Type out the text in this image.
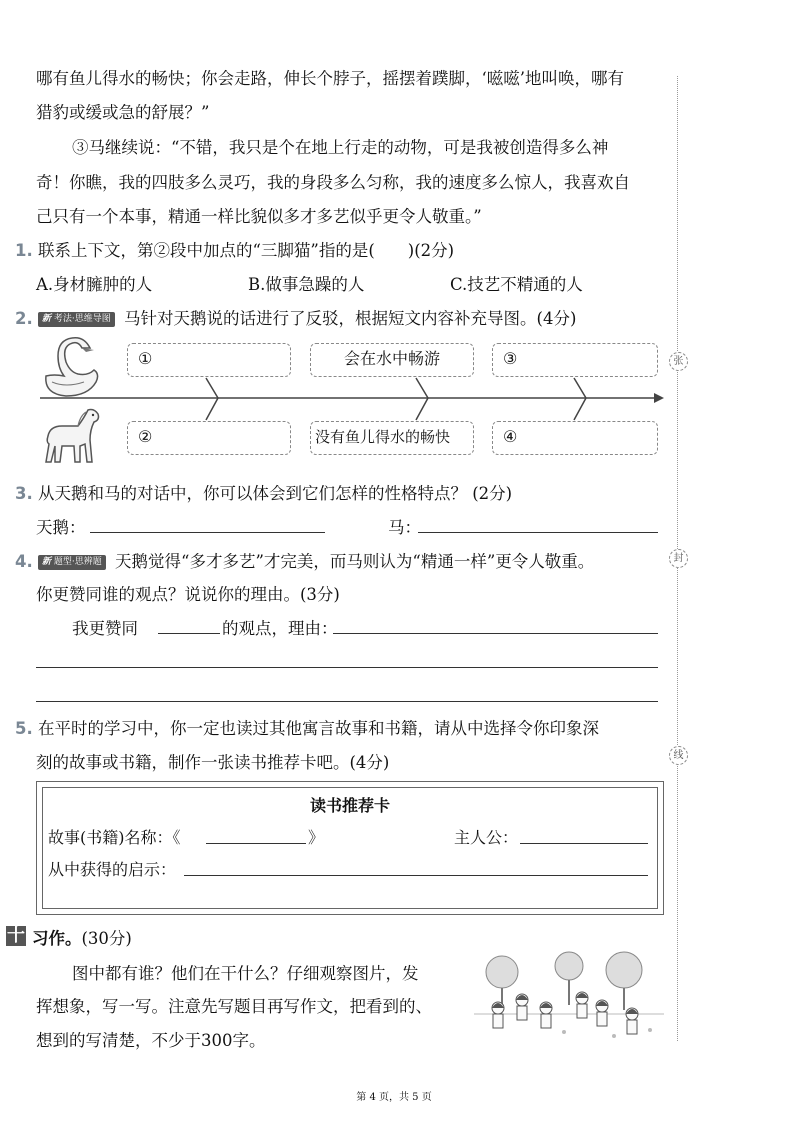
张
封
线
哪有鱼儿得水的畅快；你会走路，伸长个脖子，摇摆着蹼脚，‘嗞嗞’地叫唤，哪有
猎豹或缓或急的舒展？”
③马继续说：“不错，我只是个在地上行走的动物，可是我被创造得多么神
奇！你瞧，我的四肢多么灵巧，我的身段多么匀称，我的速度多么惊人，我喜欢自
己只有一个本事，精通一样比貌似多才多艺似乎更令人敬重。”
1. 联系上下文，第②段中加点的“三脚猫”指的是(　　)(2分)
A.身材臃肿的人	B.做事急躁的人	C.技艺不精通的人
2. 新 考法·思维导图 马针对天鹅说的话进行了反驳，根据短文内容补充导图。(4分)
①	会在水中畅游	③
②	没有鱼儿得水的畅快	④
3. 从天鹅和马的对话中，你可以体会到它们怎样的性格特点？ (2分)
天鹅：	马：
4. 新 题型·思辨题 天鹅觉得“多才多艺”才完美，而马则认为“精通一样”更令人敬重。
你更赞同谁的观点？说说你的理由。(3分)
我更赞同	的观点，理由：
5. 在平时的学习中，你一定也读过其他寓言故事和书籍，请从中选择令你印象深
刻的故事或书籍，制作一张读书推荐卡吧。(4分)
读书推荐卡
故事(书籍)名称：《	》	主人公：
从中获得的启示：
十 习作。(30分)
图中都有谁？他们在干什么？仔细观察图片，发
挥想象，写一写。注意先写题目再写作文，把看到的、
想到的写清楚，不少于300字。
第 4 页，共 5 页
